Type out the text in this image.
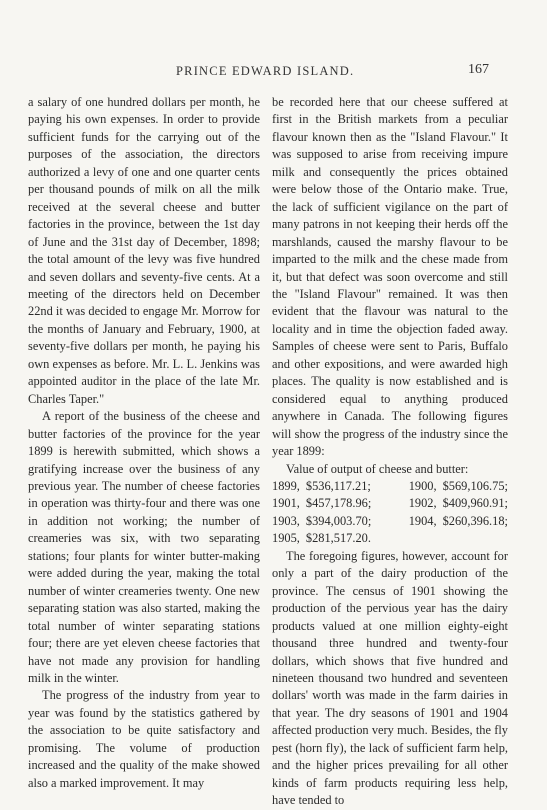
PRINCE EDWARD ISLAND.	167

a salary of one hundred dollars per month, he paying his own expenses. In order to provide sufficient funds for the carrying out of the purposes of the association, the directors authorized a levy of one and one quarter cents per thousand pounds of milk on all the milk received at the several cheese and butter factories in the province, between the 1st day of June and the 31st day of December, 1898; the total amount of the levy was five hundred and seven dollars and seventy-five cents. At a meeting of the directors held on December 22nd it was decided to engage Mr. Morrow for the months of January and February, 1900, at seventy-five dollars per month, he paying his own expenses as before. Mr. L. L. Jenkins was appointed auditor in the place of the late Mr. Charles Taper."

A report of the business of the cheese and butter factories of the province for the year 1899 is herewith submitted, which shows a gratifying increase over the business of any previous year. The number of cheese factories in operation was thirty-four and there was one in addition not working; the number of creameries was six, with two separating stations; four plants for winter butter-making were added during the year, making the total number of winter creameries twenty. One new separating station was also started, making the total number of winter separating stations four; there are yet eleven cheese factories that have not made any provision for handling milk in the winter.

The progress of the industry from year to year was found by the statistics gathered by the association to be quite satisfactory and promising. The volume of production increased and the quality of the make showed also a marked improvement. It may

be recorded here that our cheese suffered at first in the British markets from a peculiar flavour known then as the "Island Flavour." It was supposed to arise from receiving impure milk and consequently the prices obtained were below those of the Ontario make. True, the lack of sufficient vigilance on the part of many patrons in not keeping their herds off the marshlands, caused the marshy flavour to be imparted to the milk and the chese made from it, but that defect was soon overcome and still the "Island Flavour" remained. It was then evident that the flavour was natural to the locality and in time the objection faded away. Samples of cheese were sent to Paris, Buffalo and other expositions, and were awarded high places. The quality is now established and is considered equal to anything produced anywhere in Canada. The following figures will show the progress of the industry since the year 1899:

Value of output of cheese and butter:
1899, $536,117.21;	1900, $569,106.75;
1901, $457,178.96;	1902, $409,960.91;
1903, $394,003.70;	1904, $260,396.18;
1905, $281,517.20.

The foregoing figures, however, account for only a part of the dairy production of the province. The census of 1901 showing the production of the pervious year has the dairy products valued at one million eighty-eight thousand three hundred and twenty-four dollars, which shows that five hundred and nineteen thousand two hundred and seventeen dollars' worth was made in the farm dairies in that year. The dry seasons of 1901 and 1904 affected production very much. Besides, the fly pest (horn fly), the lack of sufficient farm help, and the higher prices prevailing for all other kinds of farm products requiring less help, have tended to
